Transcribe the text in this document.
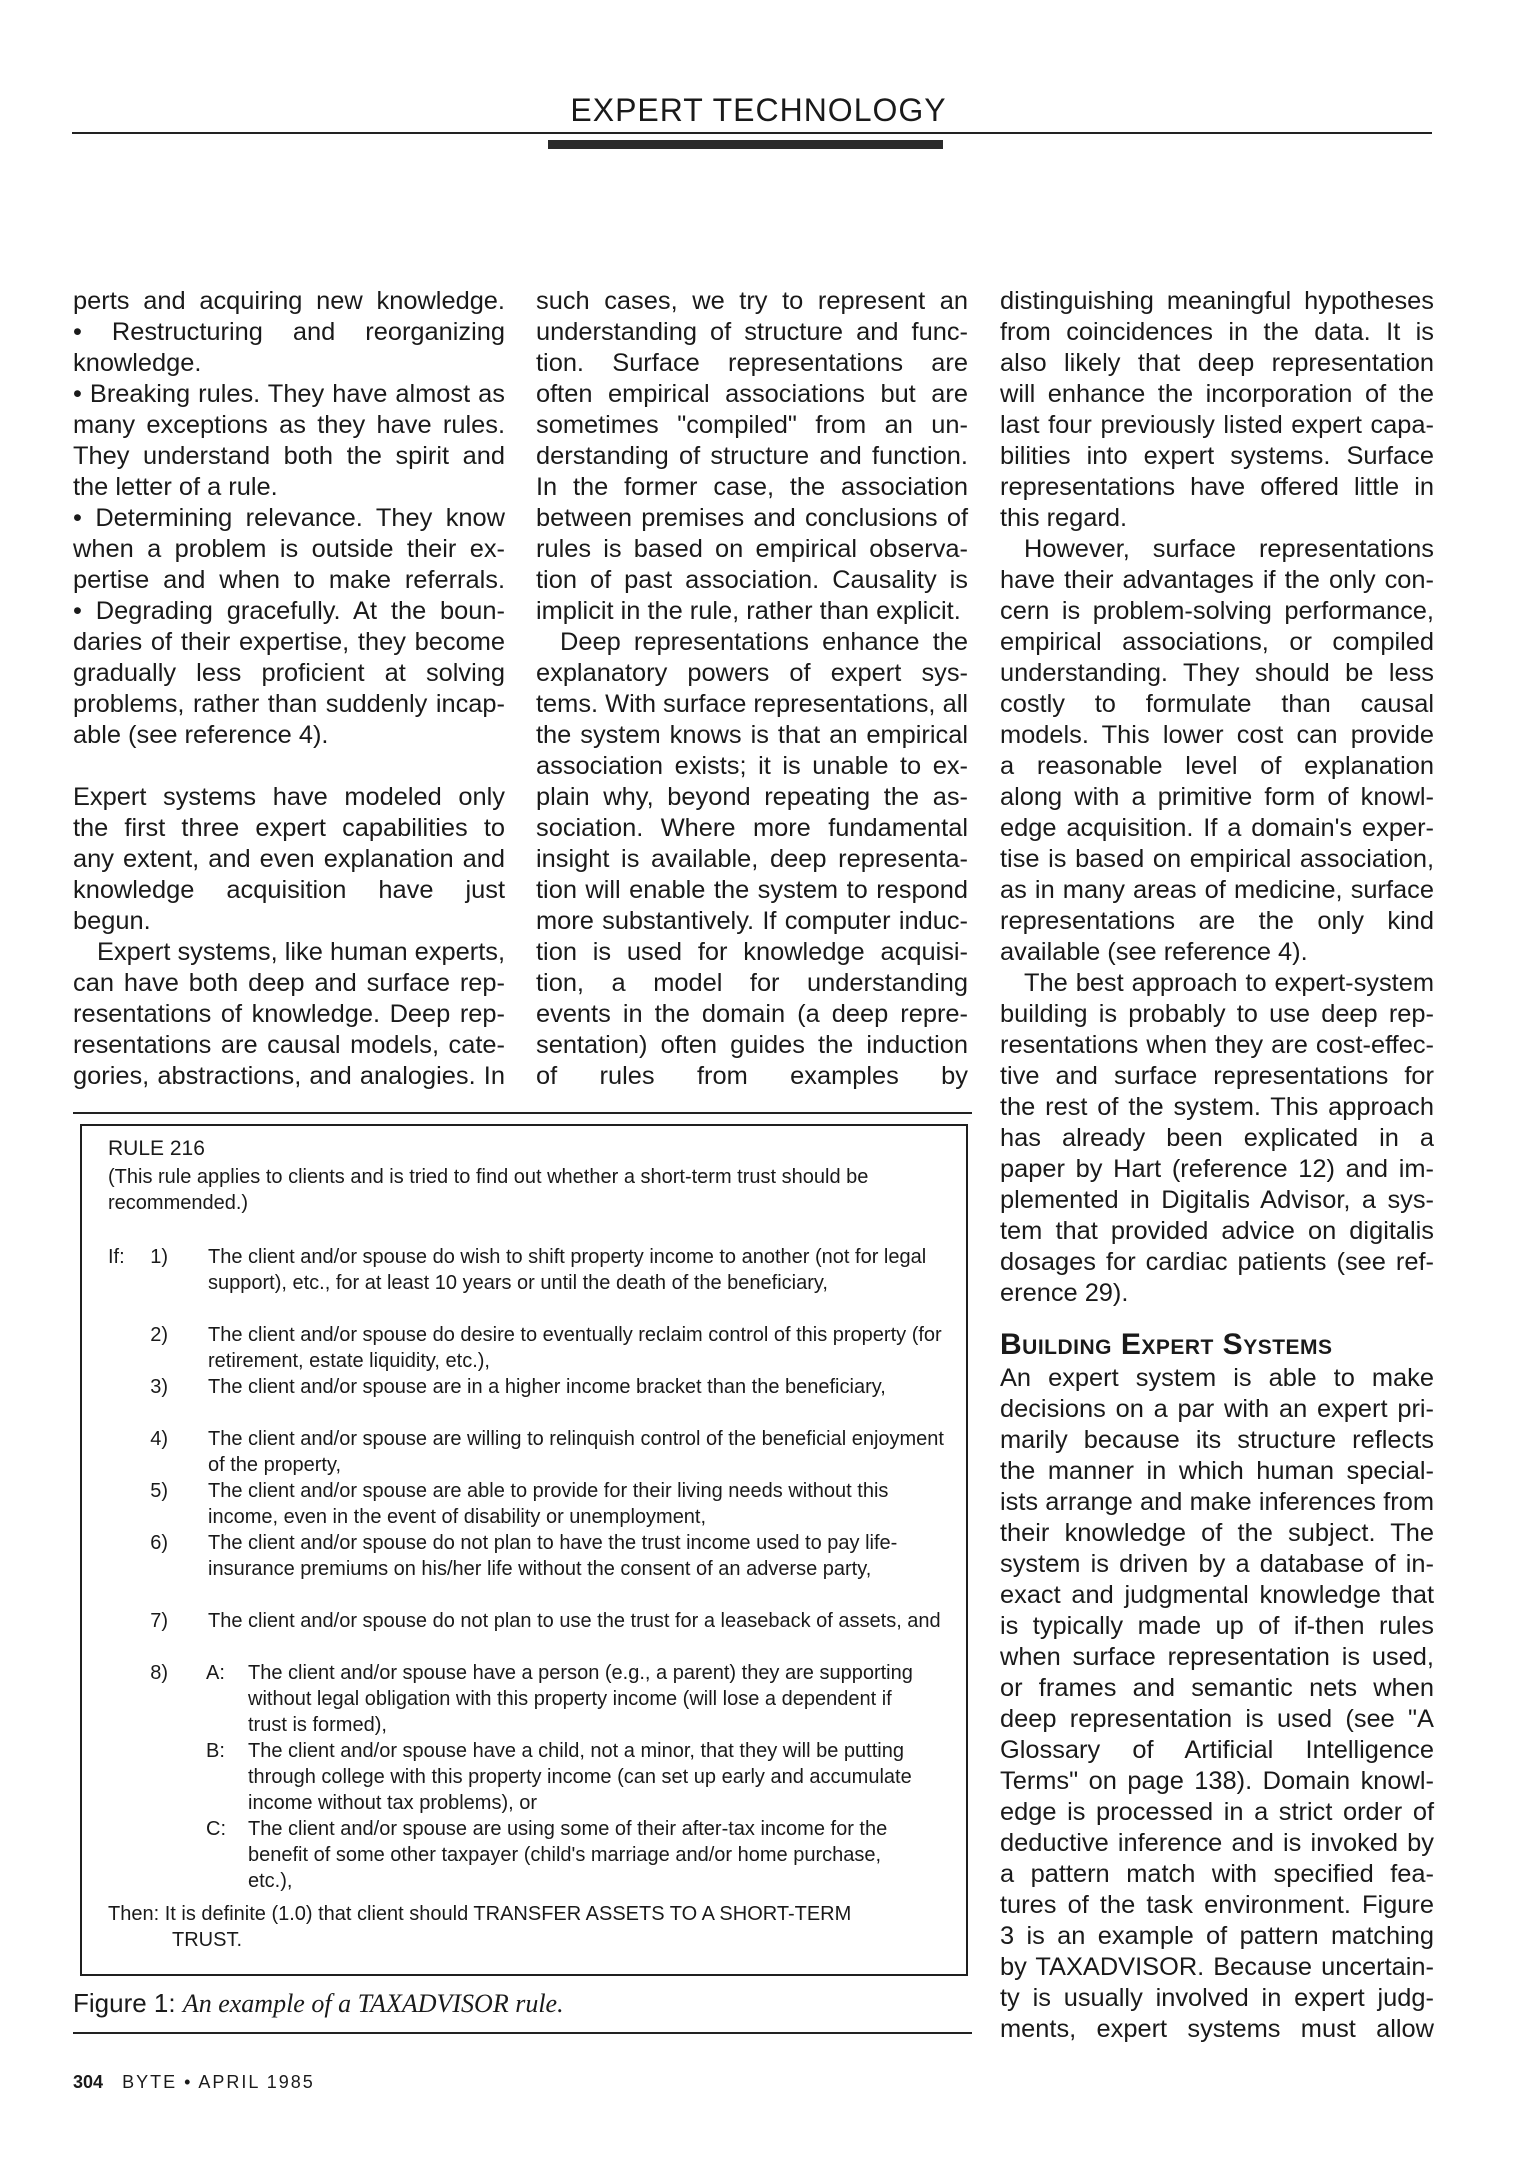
EXPERT TECHNOLOGY

perts and acquiring new knowledge.

• Restructuring and reorganizing

knowledge.

• Breaking rules. They have almost as

many exceptions as they have rules.

They understand both the spirit and

the letter of a rule.

• Determining relevance. They know

when a problem is outside their ex-

pertise and when to make referrals.

• Degrading gracefully. At the boun-

daries of their expertise, they become

gradually less proficient at solving

problems, rather than suddenly incap-

able (see reference 4).

Expert systems have modeled only

the first three expert capabilities to

any extent, and even explanation and

knowledge acquisition have just

begun.

Expert systems, like human experts,

can have both deep and surface rep-

resentations of knowledge. Deep rep-

resentations are causal models, cate-

gories, abstractions, and analogies. In

such cases, we try to represent an

understanding of structure and func-

tion. Surface representations are

often empirical associations but are

sometimes "compiled" from an un-

derstanding of structure and function.

In the former case, the association

between premises and conclusions of

rules is based on empirical observa-

tion of past association. Causality is

implicit in the rule, rather than explicit.

Deep representations enhance the

explanatory powers of expert sys-

tems. With surface representations, all

the system knows is that an empirical

association exists; it is unable to ex-

plain why, beyond repeating the as-

sociation. Where more fundamental

insight is available, deep representa-

tion will enable the system to respond

more substantively. If computer induc-

tion is used for knowledge acquisi-

tion, a model for understanding

events in the domain (a deep repre-

sentation) often guides the induction

of rules from examples by

distinguishing meaningful hypotheses

from coincidences in the data. It is

also likely that deep representation

will enhance the incorporation of the

last four previously listed expert capa-

bilities into expert systems. Surface

representations have offered little in

this regard.

However, surface representations

have their advantages if the only con-

cern is problem-solving performance,

empirical associations, or compiled

understanding. They should be less

costly to formulate than causal

models. This lower cost can provide

a reasonable level of explanation

along with a primitive form of knowl-

edge acquisition. If a domain's exper-

tise is based on empirical association,

as in many areas of medicine, surface

representations are the only kind

available (see reference 4).

The best approach to expert-system

building is probably to use deep rep-

resentations when they are cost-effec-

tive and surface representations for

the rest of the system. This approach

has already been explicated in a

paper by Hart (reference 12) and im-

plemented in Digitalis Advisor, a sys-

tem that provided advice on digitalis

dosages for cardiac patients (see ref-

erence 29).

Building Expert Systems

An expert system is able to make

decisions on a par with an expert pri-

marily because its structure reflects

the manner in which human special-

ists arrange and make inferences from

their knowledge of the subject. The

system is driven by a database of in-

exact and judgmental knowledge that

is typically made up of if-then rules

when surface representation is used,

or frames and semantic nets when

deep representation is used (see "A

Glossary of Artificial Intelligence

Terms" on page 138). Domain knowl-

edge is processed in a strict order of

deductive inference and is invoked by

a pattern match with specified fea-

tures of the task environment. Figure

3 is an example of pattern matching

by TAXADVISOR. Because uncertain-

ty is usually involved in expert judg-

ments, expert systems must allow

RULE 216
(This rule applies to clients and is tried to find out whether a short-term trust should be recommended.)
If:	1) The client and/or spouse do wish to shift property income to another (not for legal support), etc., for at least 10 years or until the death of the beneficiary,
2) The client and/or spouse do desire to eventually reclaim control of this property (for retirement, estate liquidity, etc.),
3) The client and/or spouse are in a higher income bracket than the beneficiary,
4) The client and/or spouse are willing to relinquish control of the beneficial enjoyment of the property,
5) The client and/or spouse are able to provide for their living needs without this income, even in the event of disability or unemployment,
6) The client and/or spouse do not plan to have the trust income used to pay life-insurance premiums on his/her life without the consent of an adverse party,
7) The client and/or spouse do not plan to use the trust for a leaseback of assets, and
8) A:	The client and/or spouse have a person (e.g., a parent) they are supporting without legal obligation with this property income (will lose a dependent if trust is formed),
B:	The client and/or spouse have a child, not a minor, that they will be putting through college with this property income (can set up early and accumulate income without tax problems), or
C:	The client and/or spouse are using some of their after-tax income for the benefit of some other taxpayer (child's marriage and/or home purchase, etc.),
Then: It is definite (1.0) that client should TRANSFER ASSETS TO A SHORT-TERM
TRUST.
Figure 1: An example of a TAXADVISOR rule.
304 BYTE • APRIL 1985
